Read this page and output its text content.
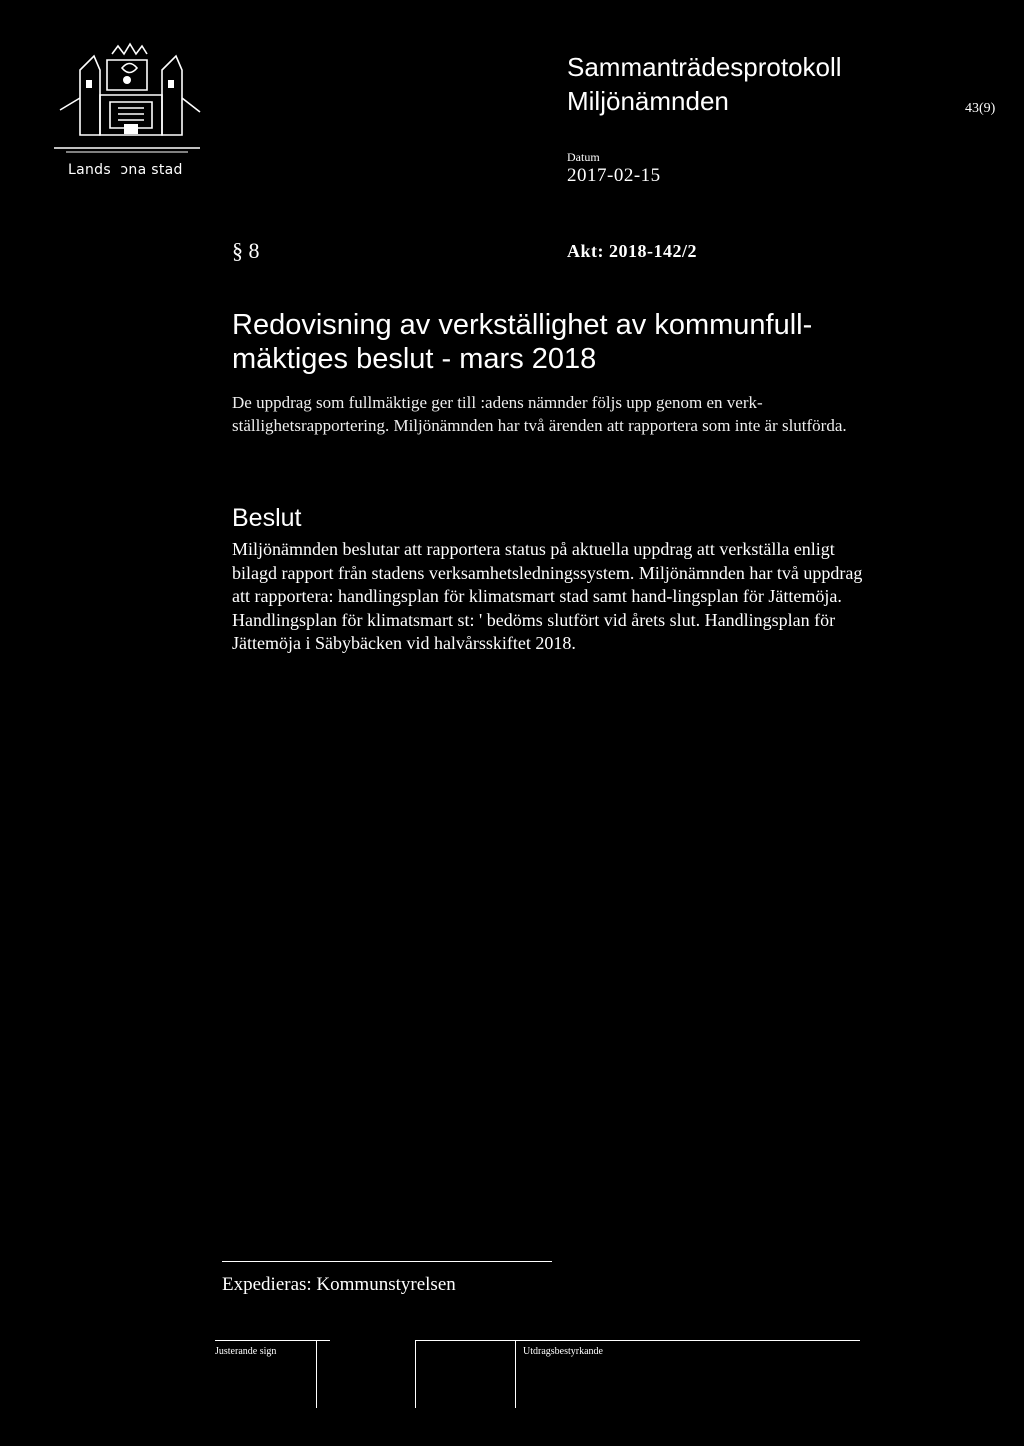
Lands  ɔna stad
Sammanträdesprotokoll
Miljönämnden	43(9)
Datum
2017-02-15
§ 8	Akt: 2018-142/2
Redovisning av verkställighet av kommunfull-mäktiges beslut - mars 2018
De uppdrag som fullmäktige ger till :adens nämnder följs upp genom en verk-ställighetsrapportering. Miljönämnden har två ärenden att rapportera som inte är slutförda.
Beslut
Miljönämnden beslutar att rapportera status på aktuella uppdrag att verkställa enligt bilagd rapport från stadens verksamhetsledningssystem. Miljönämnden har två uppdrag att rapportera: handlingsplan för klimatsmart stad samt hand-lingsplan för Jättemöja. Handlingsplan för klimatsmart st: ' bedöms slutfört vid årets slut. Handlingsplan för Jättemöja i Säbybäcken vid halvårsskiftet 2018.
Expedieras: Kommunstyrelsen
Justerande sign	Utdragsbestyrkande
